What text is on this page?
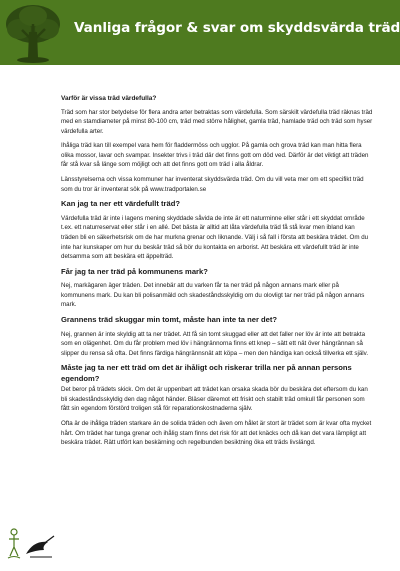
Vanliga frågor & svar om skyddsvärda träd
Varför är vissa träd värdefulla?

Träd som har stor betydelse för flera andra arter betraktas som värdefulla. Som särskilt värdefulla träd räknas träd med en stamdiameter på minst 80-100 cm, träd med större hålighet, gamla träd, hamlade träd och träd som hyser värdefulla arter.

Ihåliga träd kan till exempel vara hem för fladdermöss och ugglor. På gamla och grova träd kan man hitta flera olika mossor, lavar och svampar. Insekter trivs i träd där det finns gott om död ved. Därför är det viktigt att träden får stå kvar så länge som möjligt och att det finns gott om träd i alla åldrar.

Länsstyrelserna och vissa kommuner har inventerat skyddsvärda träd. Om du vill veta mer om ett specifikt träd som du tror är inventerat sök på www.tradportalen.se

Kan jag ta ner ett värdefullt träd?

Värdefulla träd är inte i lagens mening skyddade såvida de inte är ett naturminne eller står i ett skyddat område t.ex. ett naturreservat eller står i en allé. Det bästa är alltid att låta värdefulla träd få stå kvar men ibland kan träden bli en säkerhetsrisk om de har murkna grenar och liknande. Välj i så fall i första att beskära trädet. Om du inte har kunskaper om hur du beskär träd så bör du kontakta en arborist. Att beskära ett värdefullt träd är inte detsamma som att beskära ett äppelträd.

Får jag ta ner träd på kommunens mark?

Nej, markägaren äger träden. Det innebär att du varken får ta ner träd på någon annans mark eller på kommunens mark. Du kan bli polisanmäld och skadeståndsskyldig om du olovligt tar ner träd på någon annans mark.

Grannens träd skuggar min tomt, måste han inte ta ner det?

Nej, grannen är inte skyldig att ta ner trädet. Att få sin tomt skuggad eller att det faller ner löv är inte att betrakta som en olägenhet. Om du får problem med löv i hängrännorna finns ett knep – sätt ett nät över hängrännan så slipper du rensa så ofta. Det finns färdiga hängrännsnät att köpa – men den händiga kan också tillverka ett själv.

Måste jag ta ner ett träd om det är ihåligt och riskerar trilla ner på annan persons egendom?

Det beror på trädets skick. Om det är uppenbart att trädet kan orsaka skada bör du beskära det eftersom du kan bli skadeståndsskyldig den dag något händer. Bläser däremot ett friskt och stabilt träd omkull får personen som fått sin egendom förstörd troligen stå för reparationskostnaderna själv.

Ofta är de ihåliga träden starkare än de solida träden och även om hålet är stort är trädet som är kvar ofta mycket hårt. Om trädet har tunga grenar och ihålig stam finns det risk för att det knäcks och då kan det vara lämpligt att beskära trädet. Rätt utfört kan beskärning och regelbunden besiktning öka ett träds livslängd.
